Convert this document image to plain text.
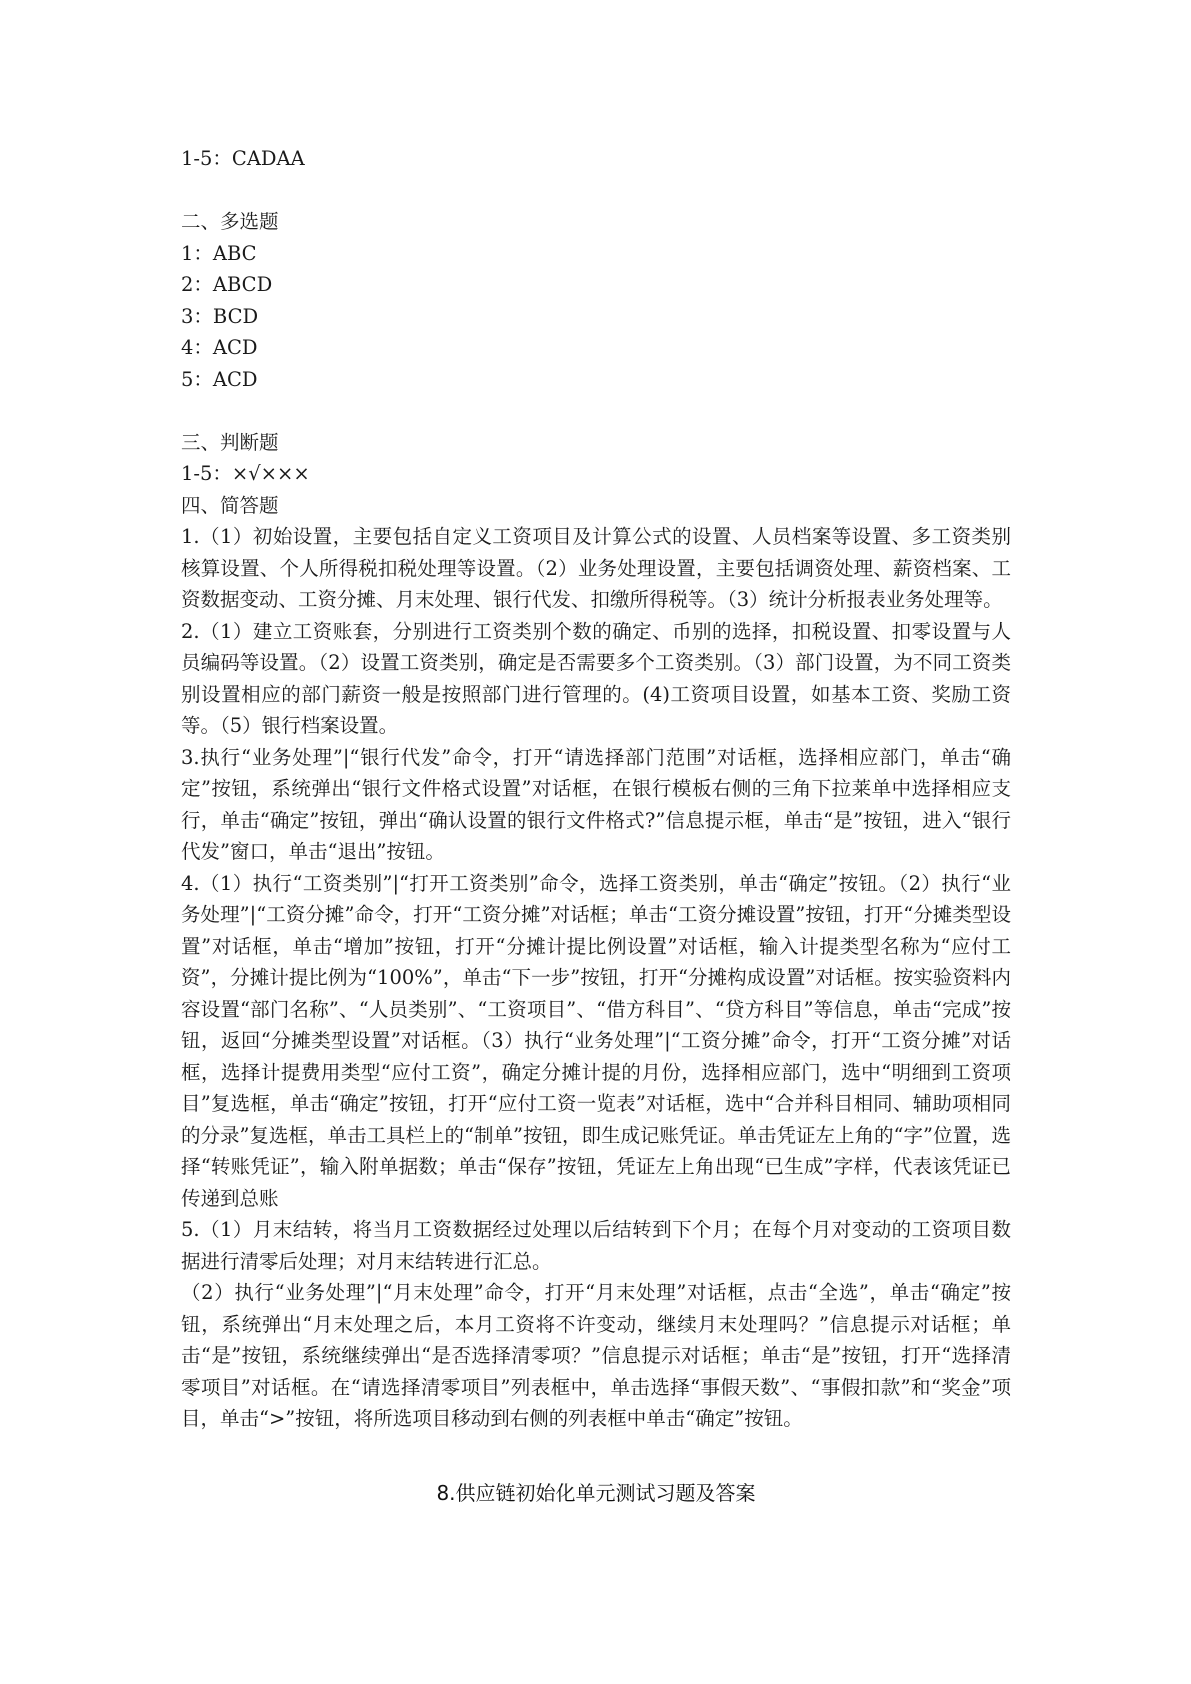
1-5：CADAA
二、多选题
1：ABC
2：ABCD
3：BCD
4：ACD
5：ACD
三、判断题
1-5：×√×××
四、简答题
1.（1）初始设置，主要包括自定义工资项目及计算公式的设置、人员档案等设置、多工资类别核算设置、个人所得税扣税处理等设置。（2）业务处理设置，主要包括调资处理、薪资档案、工资数据变动、工资分摊、月末处理、银行代发、扣缴所得税等。（3）统计分析报表业务处理等。
2.（1）建立工资账套，分别进行工资类别个数的确定、币别的选择，扣税设置、扣零设置与人员编码等设置。（2）设置工资类别，确定是否需要多个工资类别。（3）部门设置，为不同工资类别设置相应的部门薪资一般是按照部门进行管理的。(4)工资项目设置，如基本工资、奖励工资等。（5）银行档案设置。
3.执行“业务处理”|“银行代发”命令，打开“请选择部门范围”对话框，选择相应部门，单击“确定”按钮，系统弹出“银行文件格式设置”对话框，在银行模板右侧的三角下拉莱单中选择相应支行，单击“确定”按钮，弹出“确认设置的银行文件格式?”信息提示框，单击“是”按钮，进入“银行代发”窗口，单击“退出”按钮。
4.（1）执行“工资类别”|“打开工资类别”命令，选择工资类别，单击“确定”按钮。（2）执行“业务处理”|“工资分摊”命令，打开“工资分摊”对话框；单击“工资分摊设置”按钮，打开“分摊类型设置”对话框，单击“增加”按钮，打开“分摊计提比例设置”对话框，输入计提类型名称为“应付工资”，分摊计提比例为“100%”，单击“下一步”按钮，打开“分摊构成设置”对话框。按实验资料内容设置“部门名称”、“人员类别”、“工资项目”、“借方科目”、“贷方科目”等信息，单击“完成”按钮，返回“分摊类型设置”对话框。（3）执行“业务处理”|“工资分摊”命令，打开“工资分摊”对话框，选择计提费用类型“应付工资”，确定分摊计提的月份，选择相应部门，选中“明细到工资项目”复选框，单击“确定”按钮，打开“应付工资一览表”对话框，选中“合并科目相同、辅助项相同的分录”复选框，单击工具栏上的“制单”按钮，即生成记账凭证。单击凭证左上角的“字”位置，选择“转账凭证”，输入附单据数；单击“保存”按钮，凭证左上角出现“已生成”字样，代表该凭证已传递到总账
5.（1）月末结转，将当月工资数据经过处理以后结转到下个月；在每个月对变动的工资项目数据进行清零后处理；对月末结转进行汇总。
（2）执行“业务处理”|“月末处理”命令，打开“月末处理”对话框，点击“全选”，单击“确定”按钮，系统弹出“月末处理之后，本月工资将不许变动，继续月末处理吗？”信息提示对话框；单击“是”按钮，系统继续弹出“是否选择清零项？”信息提示对话框；单击“是”按钮，打开“选择清零项目”对话框。在“请选择清零项目”列表框中，单击选择“事假天数”、“事假扣款”和“奖金”项目，单击“>”按钮，将所选项目移动到右侧的列表框中单击“确定”按钮。
8.供应链初始化单元测试习题及答案
